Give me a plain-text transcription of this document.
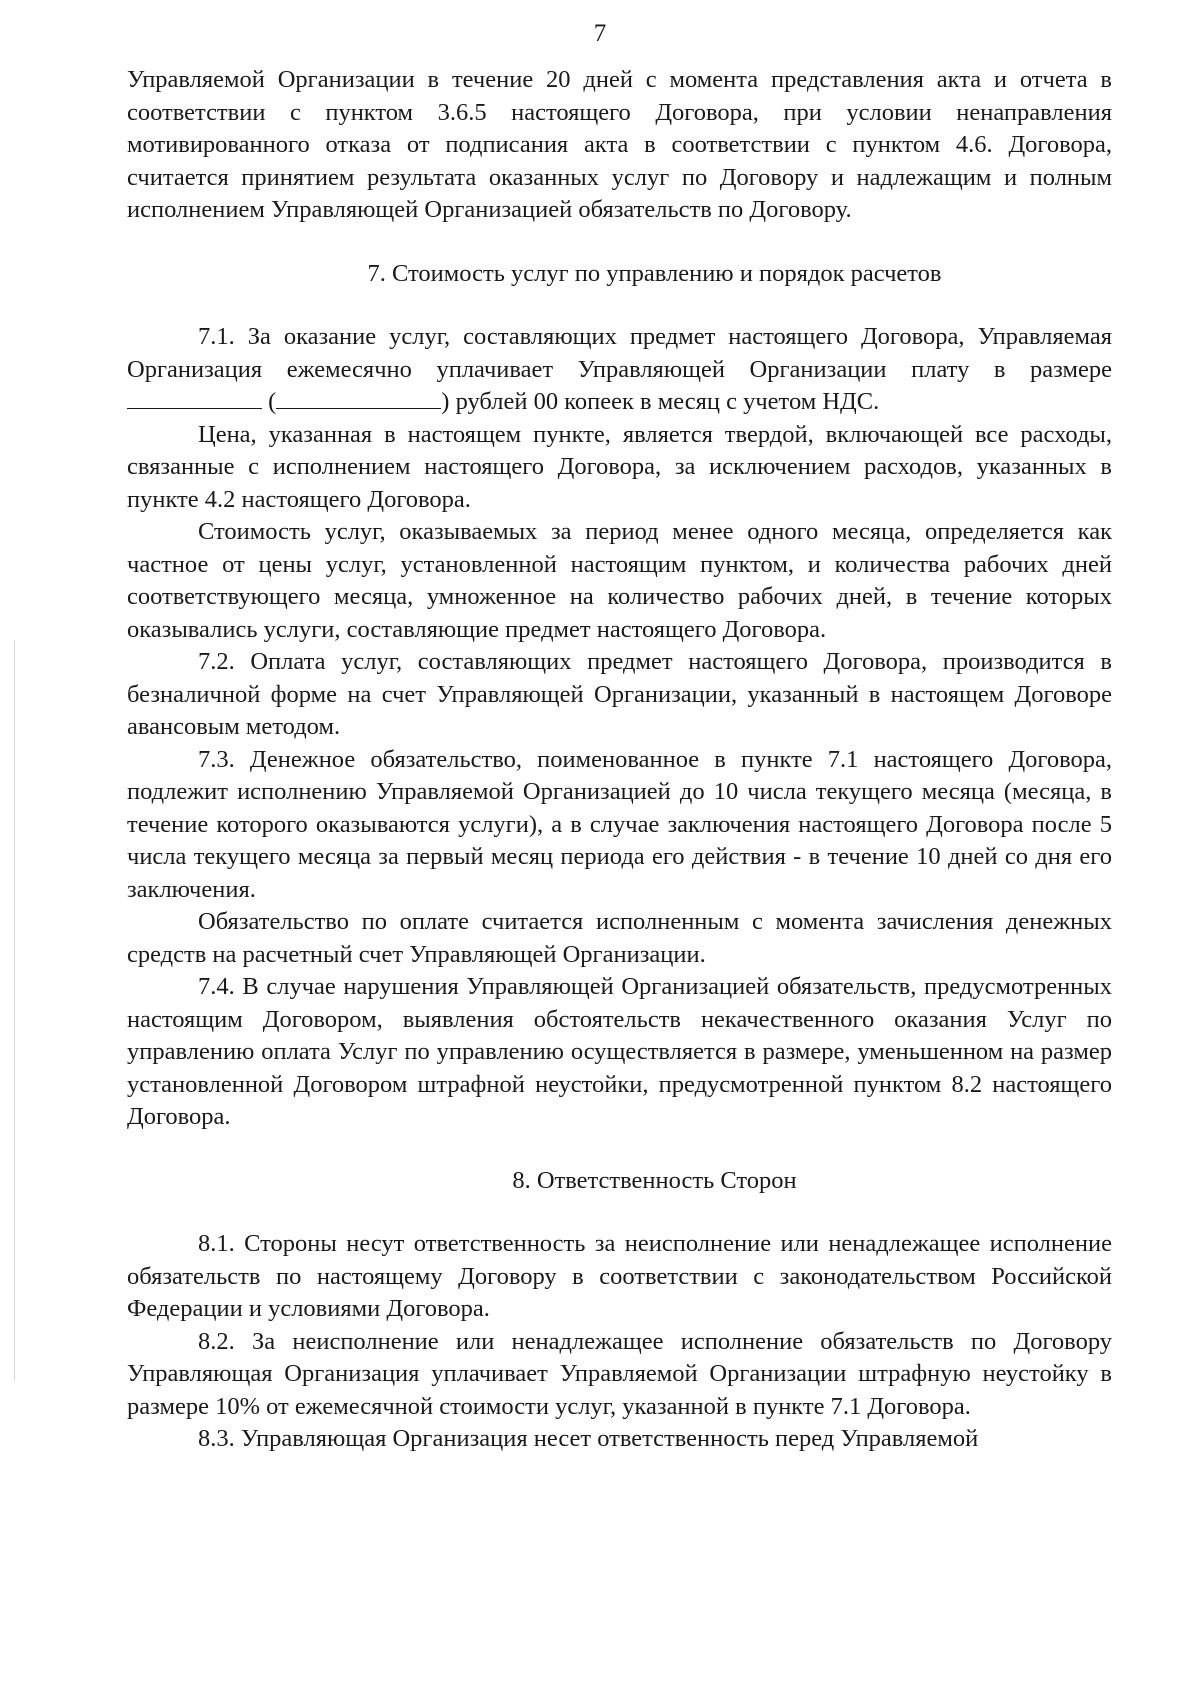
7

Управляемой Организации в течение 20 дней с момента представления акта и отчета в соответствии с пунктом 3.6.5 настоящего Договора, при условии ненаправления мотивированного отказа от подписания акта в соответствии с пунктом 4.6. Договора, считается принятием результата оказанных услуг по Договору и надлежащим и полным исполнением Управляющей Организацией обязательств по Договору.

7. Стоимость услуг по управлению и порядок расчетов

7.1. За оказание услуг, составляющих предмет настоящего Договора, Управляемая Организация ежемесячно уплачивает Управляющей Организации плату в размере  (	) рублей 00 копеек в месяц с учетом НДС.

Цена, указанная в настоящем пункте, является твердой, включающей все расходы, связанные с исполнением настоящего Договора, за исключением расходов, указанных в пункте 4.2 настоящего Договора.

Стоимость услуг, оказываемых за период менее одного месяца, определяется как частное от цены услуг, установленной настоящим пунктом, и количества рабочих дней соответствующего месяца, умноженное на количество рабочих дней, в течение которых оказывались услуги, составляющие предмет настоящего Договора.

7.2. Оплата услуг, составляющих предмет настоящего Договора, производится в безналичной форме на счет Управляющей Организации, указанный в настоящем Договоре авансовым методом.

7.3. Денежное обязательство, поименованное в пункте 7.1 настоящего Договора, подлежит исполнению Управляемой Организацией до 10 числа текущего месяца (месяца, в течение которого оказываются услуги), а в случае заключения настоящего Договора после 5 числа текущего месяца за первый месяц периода его действия - в течение 10 дней со дня его заключения.

Обязательство по оплате считается исполненным с момента зачисления денежных средств на расчетный счет Управляющей Организации.

7.4. В случае нарушения Управляющей Организацией обязательств, предусмотренных настоящим Договором, выявления обстоятельств некачественного оказания Услуг по управлению оплата Услуг по управлению осуществляется в размере, уменьшенном на размер установленной Договором штрафной неустойки, предусмотренной пунктом 8.2 настоящего Договора.

8. Ответственность Сторон

8.1. Стороны несут ответственность за неисполнение или ненадлежащее исполнение обязательств по настоящему Договору в соответствии с законодательством Российской Федерации и условиями Договора.

8.2. За неисполнение или ненадлежащее исполнение обязательств по Договору Управляющая Организация уплачивает Управляемой Организации штрафную неустойку в размере 10% от ежемесячной стоимости услуг, указанной в пункте 7.1 Договора.

8.3. Управляющая Организация несет ответственность перед Управляемой
